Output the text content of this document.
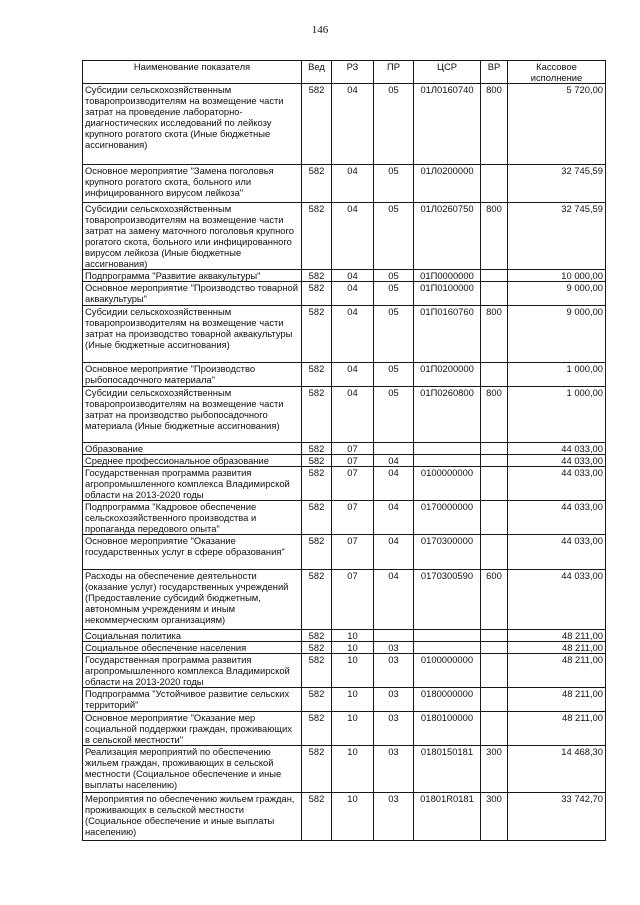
146
Наименование показателя	Вед	РЗ	ПР	ЦСР	ВР	Кассовое исполнение
Субсидии сельскохозяйственным товаропроизводителям на возмещение части затрат на проведение лабораторно-диагностических исследований по лейкозу крупного рогатого скота (Иные бюджетные ассигнования)	582	04	05	01Л0160740	800	5 720,00
Основное мероприятие "Замена поголовья крупного рогатого скота, больного или инфицированного вирусом лейкоза"	582	04	05	01Л0200000		32 745,59
Субсидии сельскохозяйственным товаропроизводителям на возмещение части затрат на замену маточного поголовья крупного рогатого скота, больного или инфицированного вирусом лейкоза (Иные бюджетные ассигнования)	582	04	05	01Л0260750	800	32 745,59
Подпрограмма "Развитие аквакультуры"	582	04	05	01П0000000		10 000,00
Основное мероприятие "Производство товарной аквакультуры"	582	04	05	01П0100000		9 000,00
Субсидии сельскохозяйственным товаропроизводителям на возмещение части затрат на производство товарной аквакультуры (Иные бюджетные ассигнования)	582	04	05	01П0160760	800	9 000,00
Основное мероприятие "Производство рыбопосадочного материала"	582	04	05	01П0200000		1 000,00
Субсидии сельскохозяйственным товаропроизводителям на возмещение части затрат на производство рыбопосадочного материала (Иные бюджетные ассигнования)	582	04	05	01П0260800	800	1 000,00
Образование	582	07				44 033,00
Среднее профессиональное образование	582	07	04			44 033,00
Государственная программа развития агропромышленного комплекса Владимирской области на 2013-2020 годы	582	07	04	0100000000		44 033,00
Подпрограмма "Кадровое обеспечение сельскохозяйственного производства и пропаганда передового опыта"	582	07	04	0170000000		44 033,00
Основное мероприятие "Оказание государственных услуг в сфере образования"	582	07	04	0170300000		44 033,00
Расходы на обеспечение деятельности (оказание услуг) государственных учреждений (Предоставление субсидий бюджетным, автономным учреждениям и иным некоммерческим организациям)	582	07	04	0170300590	600	44 033,00
Социальная политика	582	10				48 211,00
Социальное обеспечение населения	582	10	03			48 211,00
Государственная программа развития агропромышленного комплекса Владимирской области на 2013-2020 годы	582	10	03	0100000000		48 211,00
Подпрограмма "Устойчивое развитие сельских территорий"	582	10	03	0180000000		48 211,00
Основное мероприятие "Оказание мер социальной поддержки граждан, проживающих в сельской местности"	582	10	03	0180100000		48 211,00
Реализация мероприятий по обеспечению жильем граждан, проживающих в сельской местности (Социальное обеспечение и иные выплаты населению)	582	10	03	0180150181	300	14 468,30
Мероприятия по обеспечению жильем граждан, проживающих в сельской местности (Социальное обеспечение и иные выплаты населению)	582	10	03	01801R0181	300	33 742,70
